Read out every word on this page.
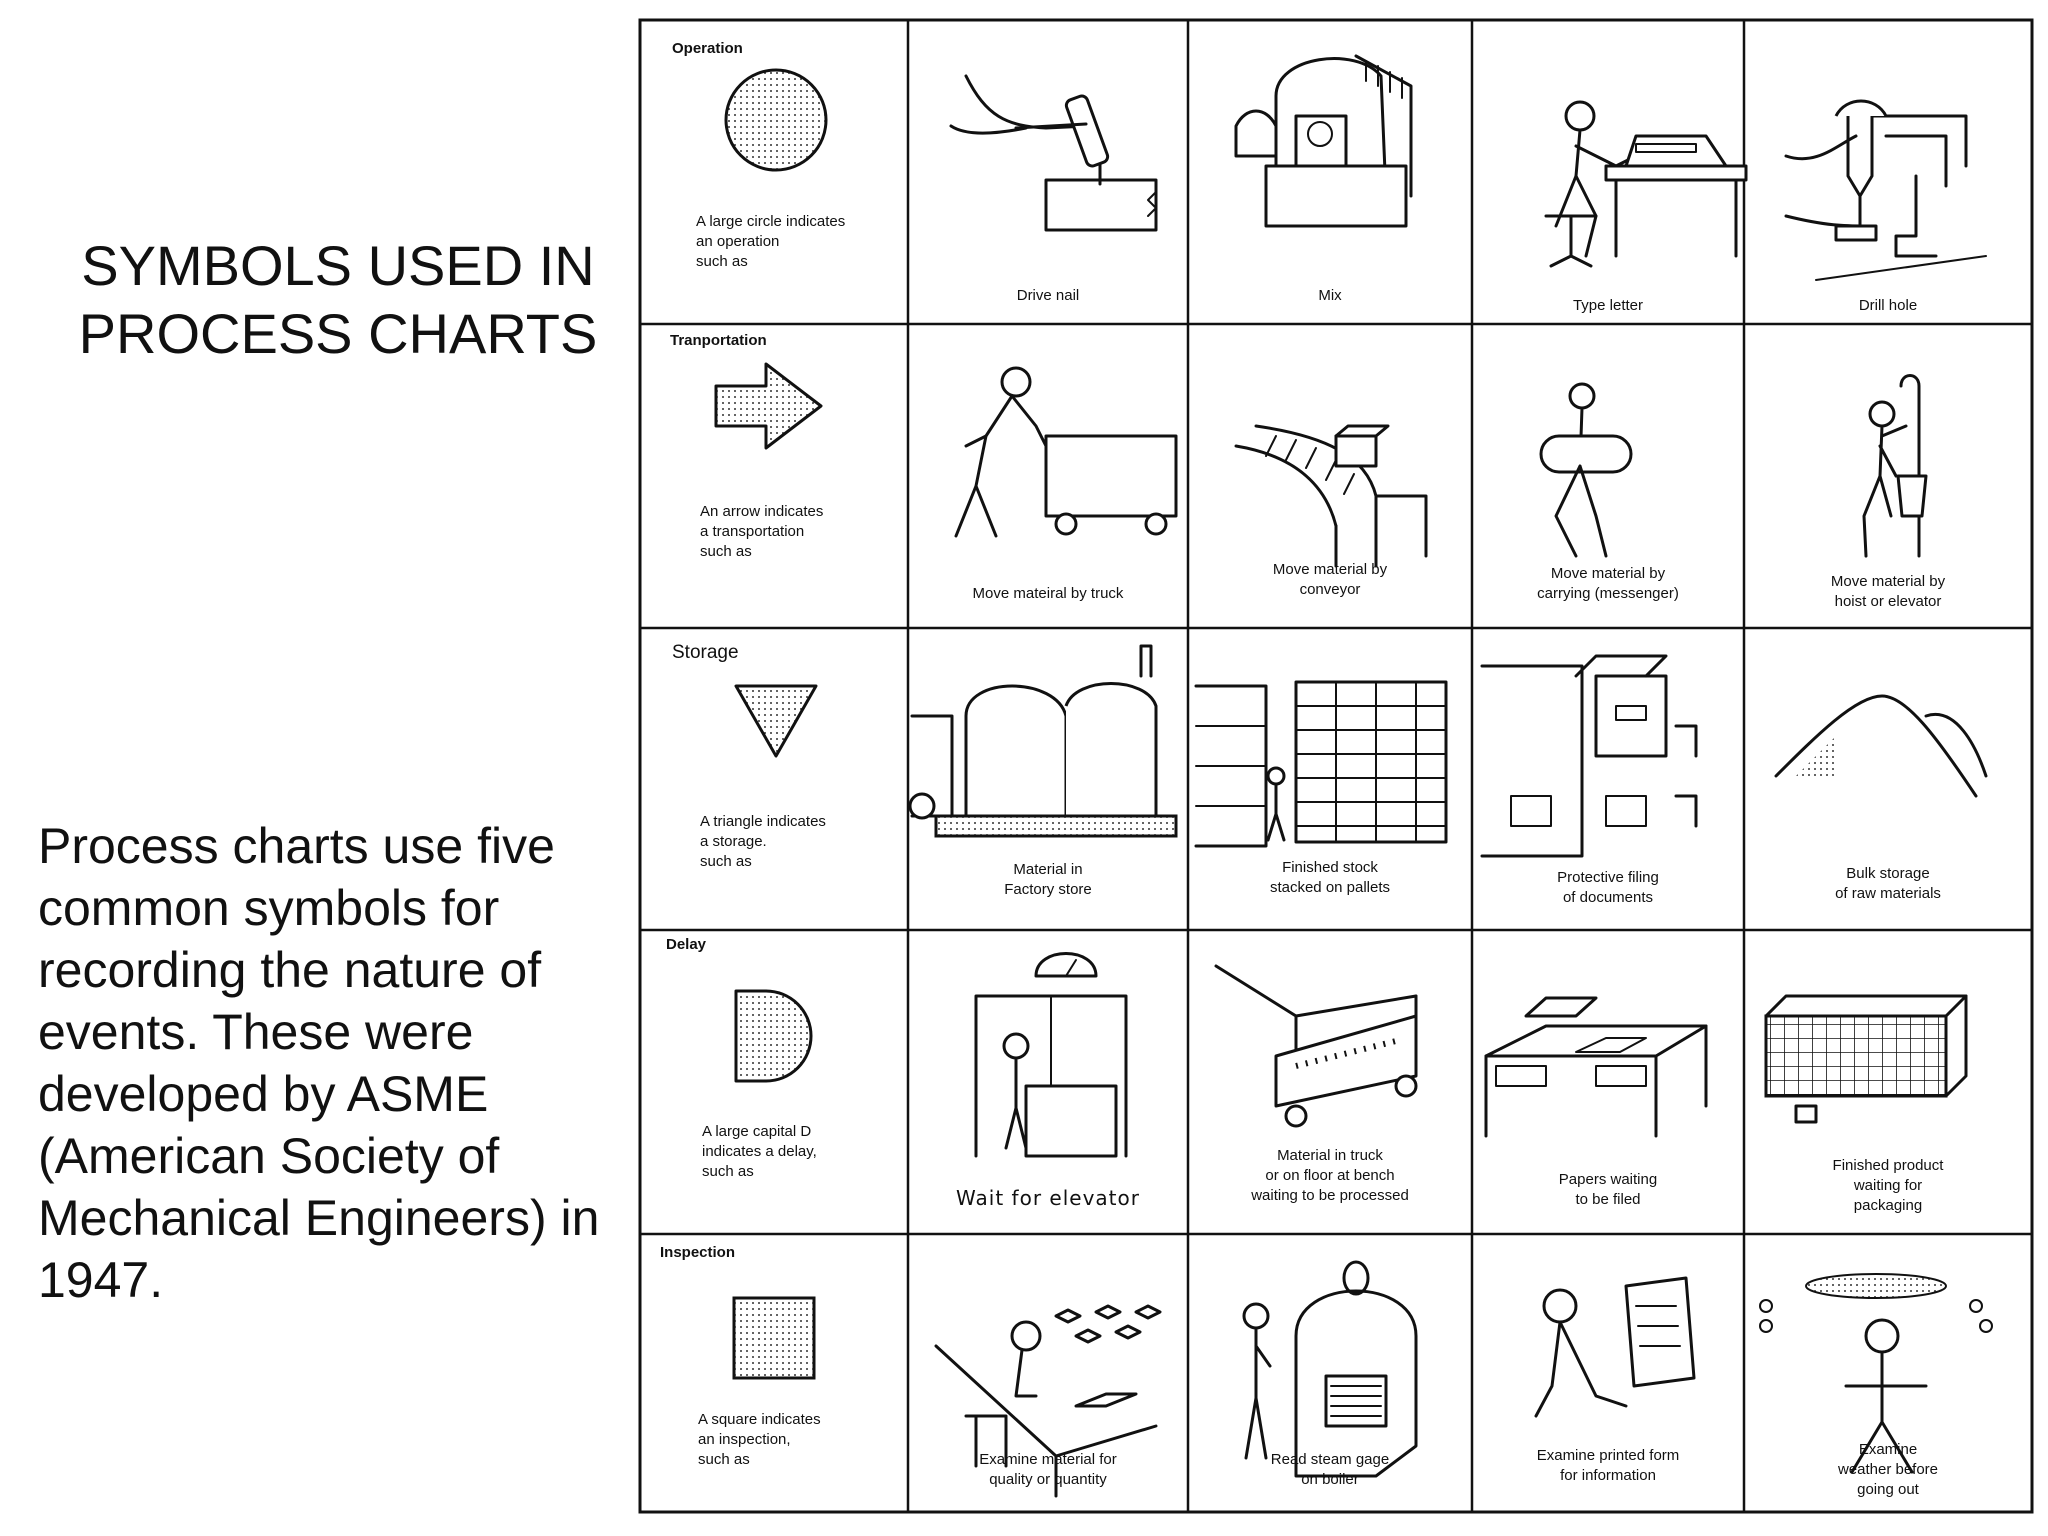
SYMBOLS USED IN
PROCESS CHARTS
Process charts use five common symbols for recording the nature of events. These were developed by ASME (American Society of Mechanical Engineers) in 1947.
Operation
Tranportation
Storage
Delay
Inspection
A large circle indicates
an operation
such as
An arrow indicates
a transportation
such as
A triangle indicates
a storage.
such as
A large capital D
indicates a delay,
such as
A square indicates
an inspection,
such as
Drive nail	Mix
Type letter	Drill hole
Move mateiral by truck
Move material by
conveyor
Move material by
carrying (messenger)
Move material by
hoist or elevator
Material in
Factory store
Finished stock
stacked on pallets
Protective filing
of documents
Bulk storage
of raw materials
Wait for elevator
Material in truck
or on floor at bench
waiting to be processed
Papers waiting
to be filed
Finished product
waiting for
packaging
Examine material for
quality or quantity
Read steam gage
on boiler
Examine printed form
for information
Examine
weather before
going out
